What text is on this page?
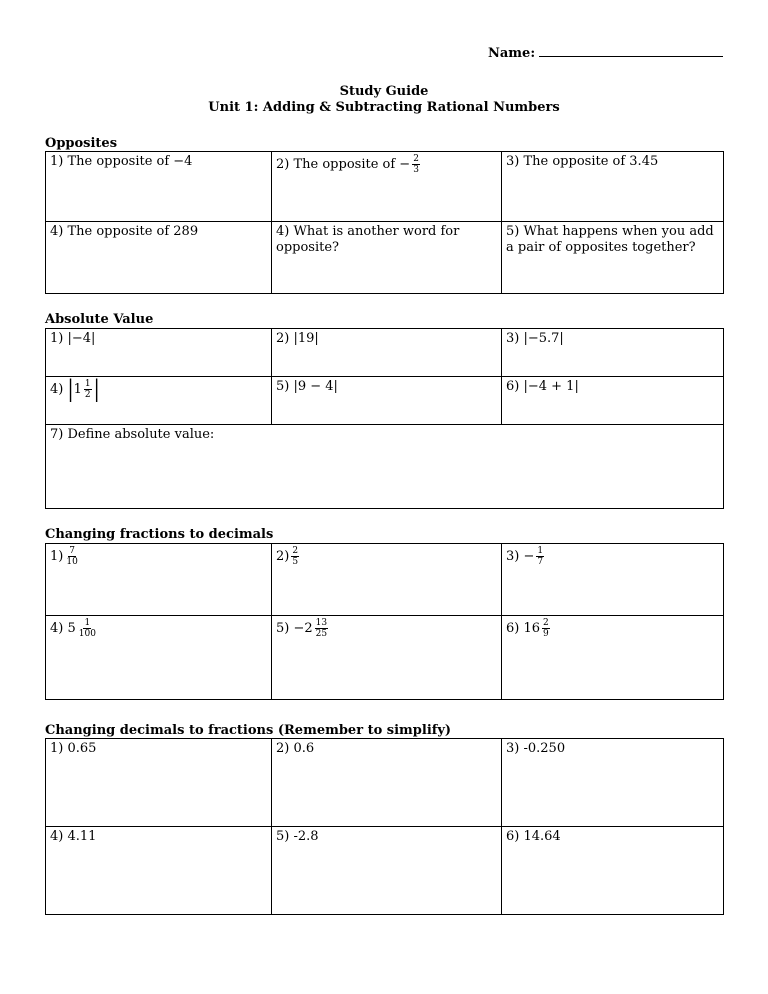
Name:
Study Guide
Unit 1: Adding & Subtracting Rational Numbers
Opposites
1) The opposite of −4	2) The opposite of − $\frac{2}{3}$	3) The opposite of 3.45
4) The opposite of 289	4) What is another word for opposite?	5) What happens when you add a pair of opposites together?
Absolute Value
1) |−4|	2) |19|	3) |−5.7|
4) $|1 \frac{1}{2}$ |	5) |9 − 4|	6) |−4 + 1|
7) Define absolute value:		
Changing fractions to decimals
$1) \frac{7}{10}$	$2) \frac{2}{5}$	$3) - \frac{1}{7}$

4) $5 \frac{1}{100}$	$5) -2 \frac{13}{25}$	6) $16 \frac{2}{9}$
Changing decimals to fractions (Remember to simplify)
1) 0.65	2) 0.6	3) -0.250
4) 4.11	5) -2.8	6) 14.64
